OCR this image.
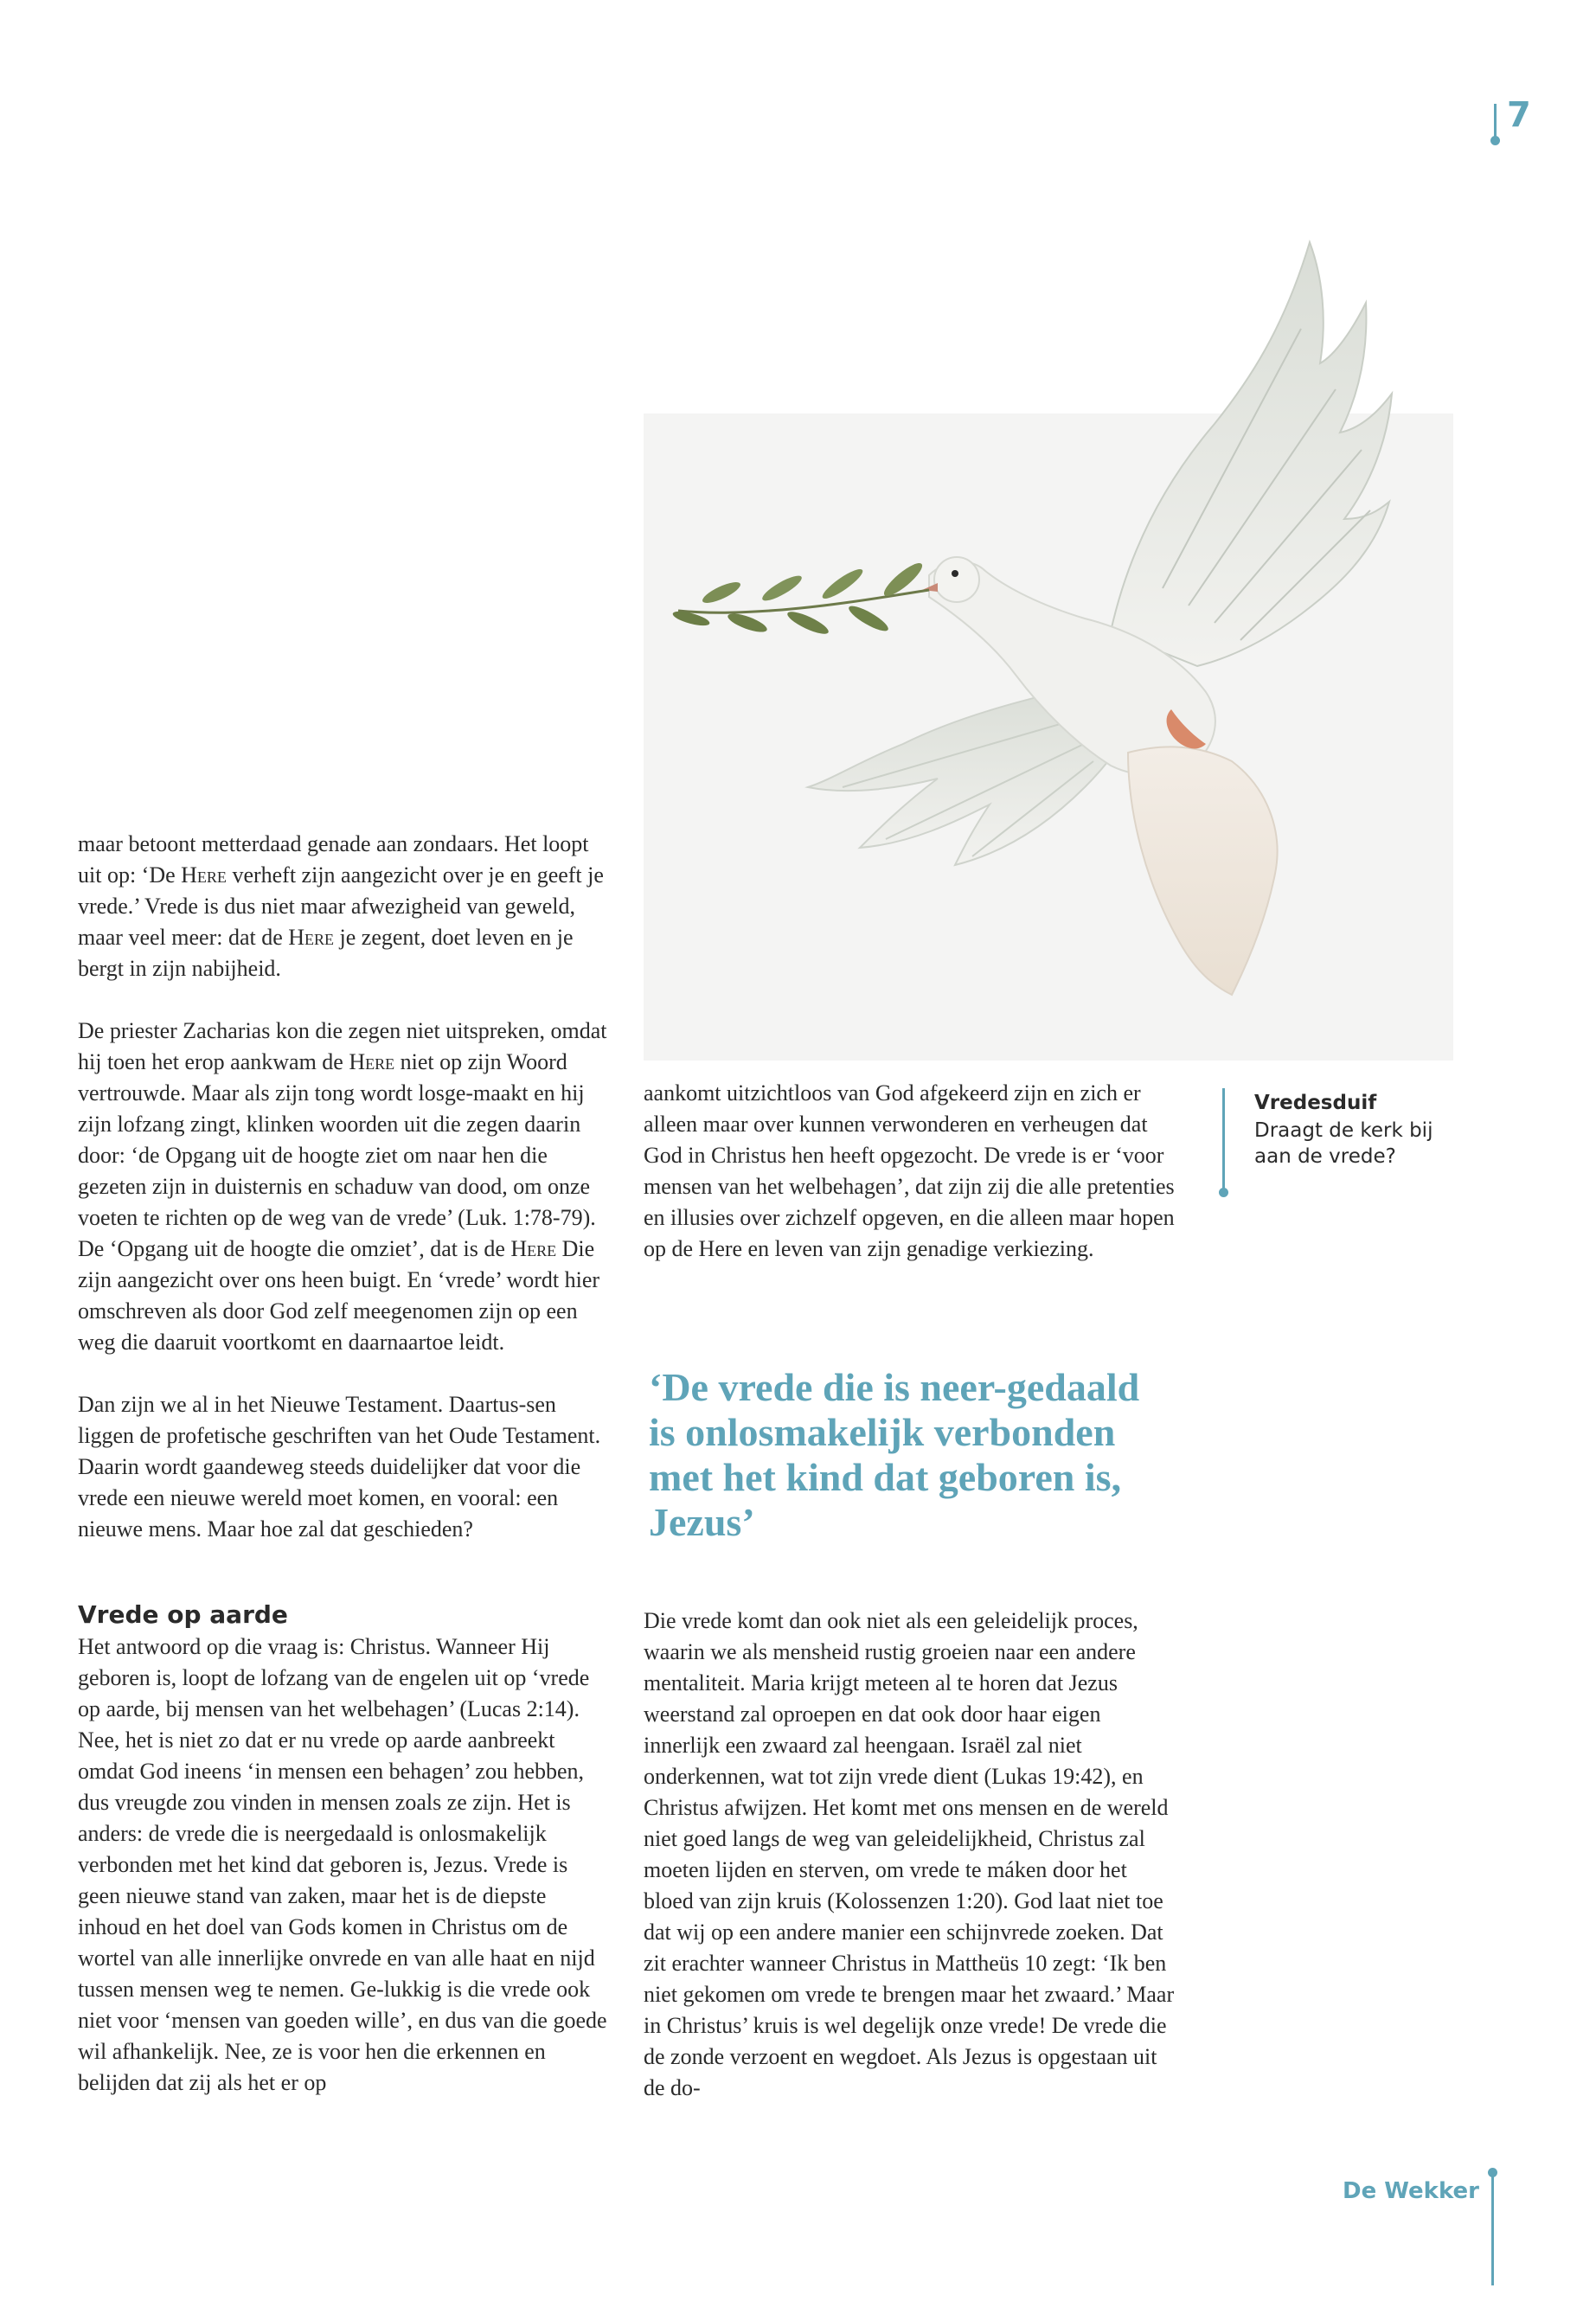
7

maar betoont metterdaad genade aan zondaars. Het loopt uit op: ‘De Here verheft zijn aangezicht over je en geeft je vrede.’ Vrede is dus niet maar afwezigheid van geweld, maar veel meer: dat de Here je zegent, doet leven en je bergt in zijn nabijheid.

De priester Zacharias kon die zegen niet uitspreken, omdat hij toen het erop aankwam de Here niet op zijn Woord vertrouwde. Maar als zijn tong wordt losge-maakt en hij zijn lofzang zingt, klinken woorden uit die zegen daarin door: ‘de Opgang uit de hoogte ziet om naar hen die gezeten zijn in duisternis en schaduw van dood, om onze voeten te richten op de weg van de vrede’ (Luk. 1:78-79). De ‘Opgang uit de hoogte die omziet’, dat is de Here Die zijn aangezicht over ons heen buigt. En ‘vrede’ wordt hier omschreven als door God zelf meegenomen zijn op een weg die daaruit voortkomt en daarnaartoe leidt.

Dan zijn we al in het Nieuwe Testament. Daartus-sen liggen de profetische geschriften van het Oude Testament. Daarin wordt gaandeweg steeds duidelijker dat voor die vrede een nieuwe wereld moet komen, en vooral: een nieuwe mens. Maar hoe zal dat geschieden?

Vrede op aarde

Het antwoord op die vraag is: Christus. Wanneer Hij geboren is, loopt de lofzang van de engelen uit op ‘vrede op aarde, bij mensen van het welbehagen’ (Lucas 2:14). Nee, het is niet zo dat er nu vrede op aarde aanbreekt omdat God ineens ‘in mensen een behagen’ zou hebben, dus vreugde zou vinden in mensen zoals ze zijn. Het is anders: de vrede die is neergedaald is onlosmakelijk verbonden met het kind dat geboren is, Jezus. Vrede is geen nieuwe stand van zaken, maar het is de diepste inhoud en het doel van Gods komen in Christus om de wortel van alle innerlijke onvrede en van alle haat en nijd tussen mensen weg te nemen. Ge-lukkig is die vrede ook niet voor ‘mensen van goeden wille’, en dus van die goede wil afhankelijk. Nee, ze is voor hen die erkennen en belijden dat zij als het er op

aankomt uitzichtloos van God afgekeerd zijn en zich er alleen maar over kunnen verwonderen en verheugen dat God in Christus hen heeft opgezocht. De vrede is er ‘voor mensen van het welbehagen’, dat zijn zij die alle pretenties en illusies over zichzelf opgeven, en die alleen maar hopen op de Here en leven van zijn genadige verkiezing.

‘De vrede die is neer-gedaald is onlosmakelijk verbonden met het kind dat geboren is, Jezus’

Die vrede komt dan ook niet als een geleidelijk proces, waarin we als mensheid rustig groeien naar een andere mentaliteit. Maria krijgt meteen al te horen dat Jezus weerstand zal oproepen en dat ook door haar eigen innerlijk een zwaard zal heengaan. Israël zal niet onderkennen, wat tot zijn vrede dient (Lukas 19:42), en Christus afwijzen. Het komt met ons mensen en de wereld niet goed langs de weg van geleidelijkheid, Christus zal moeten lijden en sterven, om vrede te máken door het bloed van zijn kruis (Kolossenzen 1:20). God laat niet toe dat wij op een andere manier een schijnvrede zoeken. Dat zit erachter wanneer Christus in Mattheüs 10 zegt: ‘Ik ben niet gekomen om vrede te brengen maar het zwaard.’ Maar in Christus’ kruis is wel degelijk onze vrede! De vrede die de zonde verzoent en wegdoet. Als Jezus is opgestaan uit de do-

Vredesduif
Draagt de kerk bij aan de vrede?
De Wekker
